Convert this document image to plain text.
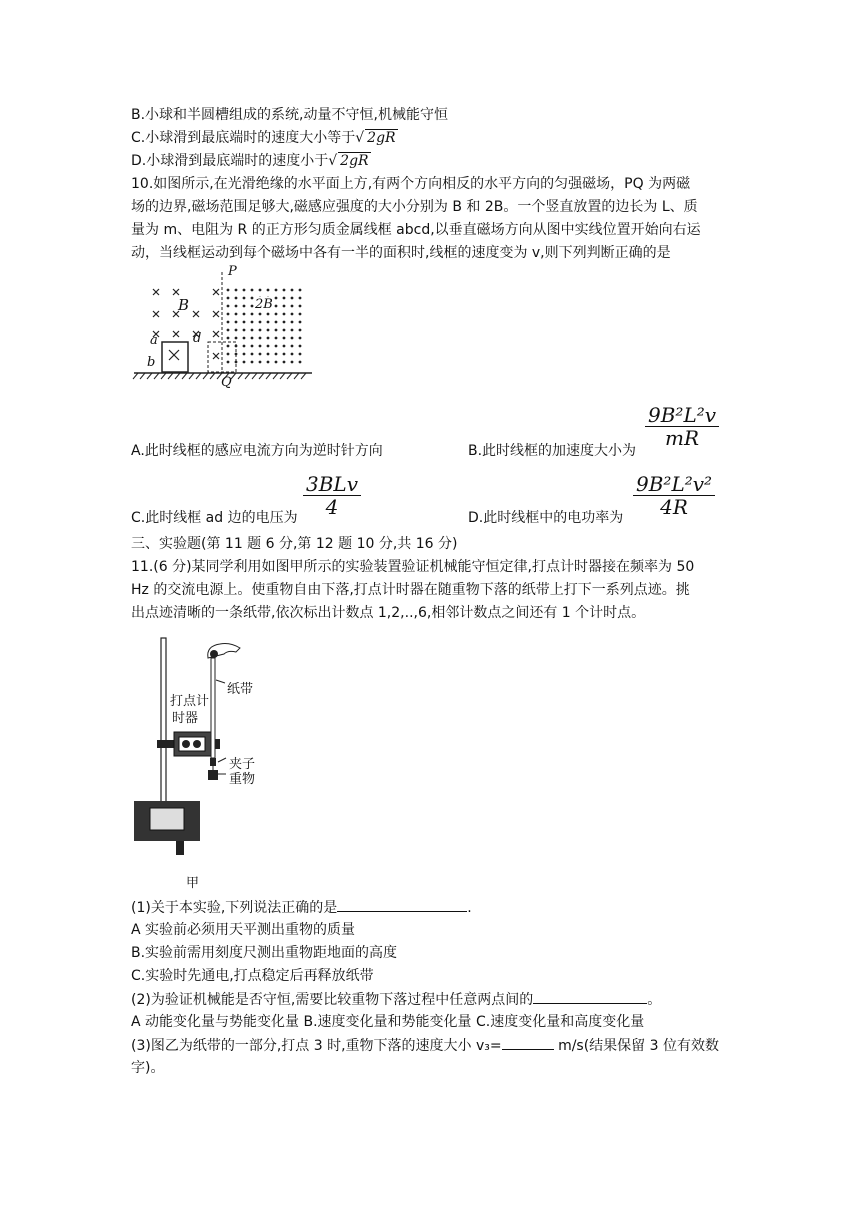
B.小球和半圆槽组成的系统,动量不守恒,机械能守恒
C.小球滑到最底端时的速度大小等于√ 2gR
D.小球滑到最底端时的速度小于√ 2gR
10.如图所示,在光滑绝缘的水平面上方,有两个方向相反的水平方向的匀强磁场，PQ 为两磁
场的边界,磁场范围足够大,磁感应强度的大小分别为 B 和 2B。一个竖直放置的边长为 L、质
量为 m、电阻为 R 的正方形匀质金属线框 abcd,以垂直磁场方向从图中实线位置开始向右运
动，当线框运动到每个磁场中各有一半的面积时,线框的速度变为 v,则下列判断正确的是
P
Q
B	2B
a
b
d
A.此时线框的感应电流方向为逆时针方向	B.此时线框的加速度大小为
$\frac{\text{9B²L²v}}{mR}$
C.此时线框 ad 边的电压为
3BLv
4	D.此时线框中的电功率为 $\frac{\text{9B²L²v²}}{4R}$
三、实验题(第 11 题 6 分,第 12 题 10 分,共 16 分)
11.(6 分)某同学利用如图甲所示的实验装置验证机械能守恒定律,打点计时器接在频率为 50
Hz 的交流电源上。使重物自由下落,打点计时器在随重物下落的纸带上打下一系列点迹。挑
出点迹清晰的一条纸带,依次标出计数点 1,2,..,6,相邻计数点之间还有 1 个计时点。
打点计
时器
纸带
夹子
重物
甲
(1)关于本实验,下列说法正确的是	.
A 实验前必须用天平测出重物的质量
B.实验前需用刻度尺测出重物距地面的高度
C.实验时先通电,打点稳定后再释放纸带
(2)为验证机械能是否守恒,需要比较重物下落过程中任意两点间的	。
A 动能变化量与势能变化量 B.速度变化量和势能变化量 C.速度变化量和高度变化量
(3)图乙为纸带的一部分,打点 3 时,重物下落的速度大小 v₃=	m/s(结果保留 3 位有效数
字)。
